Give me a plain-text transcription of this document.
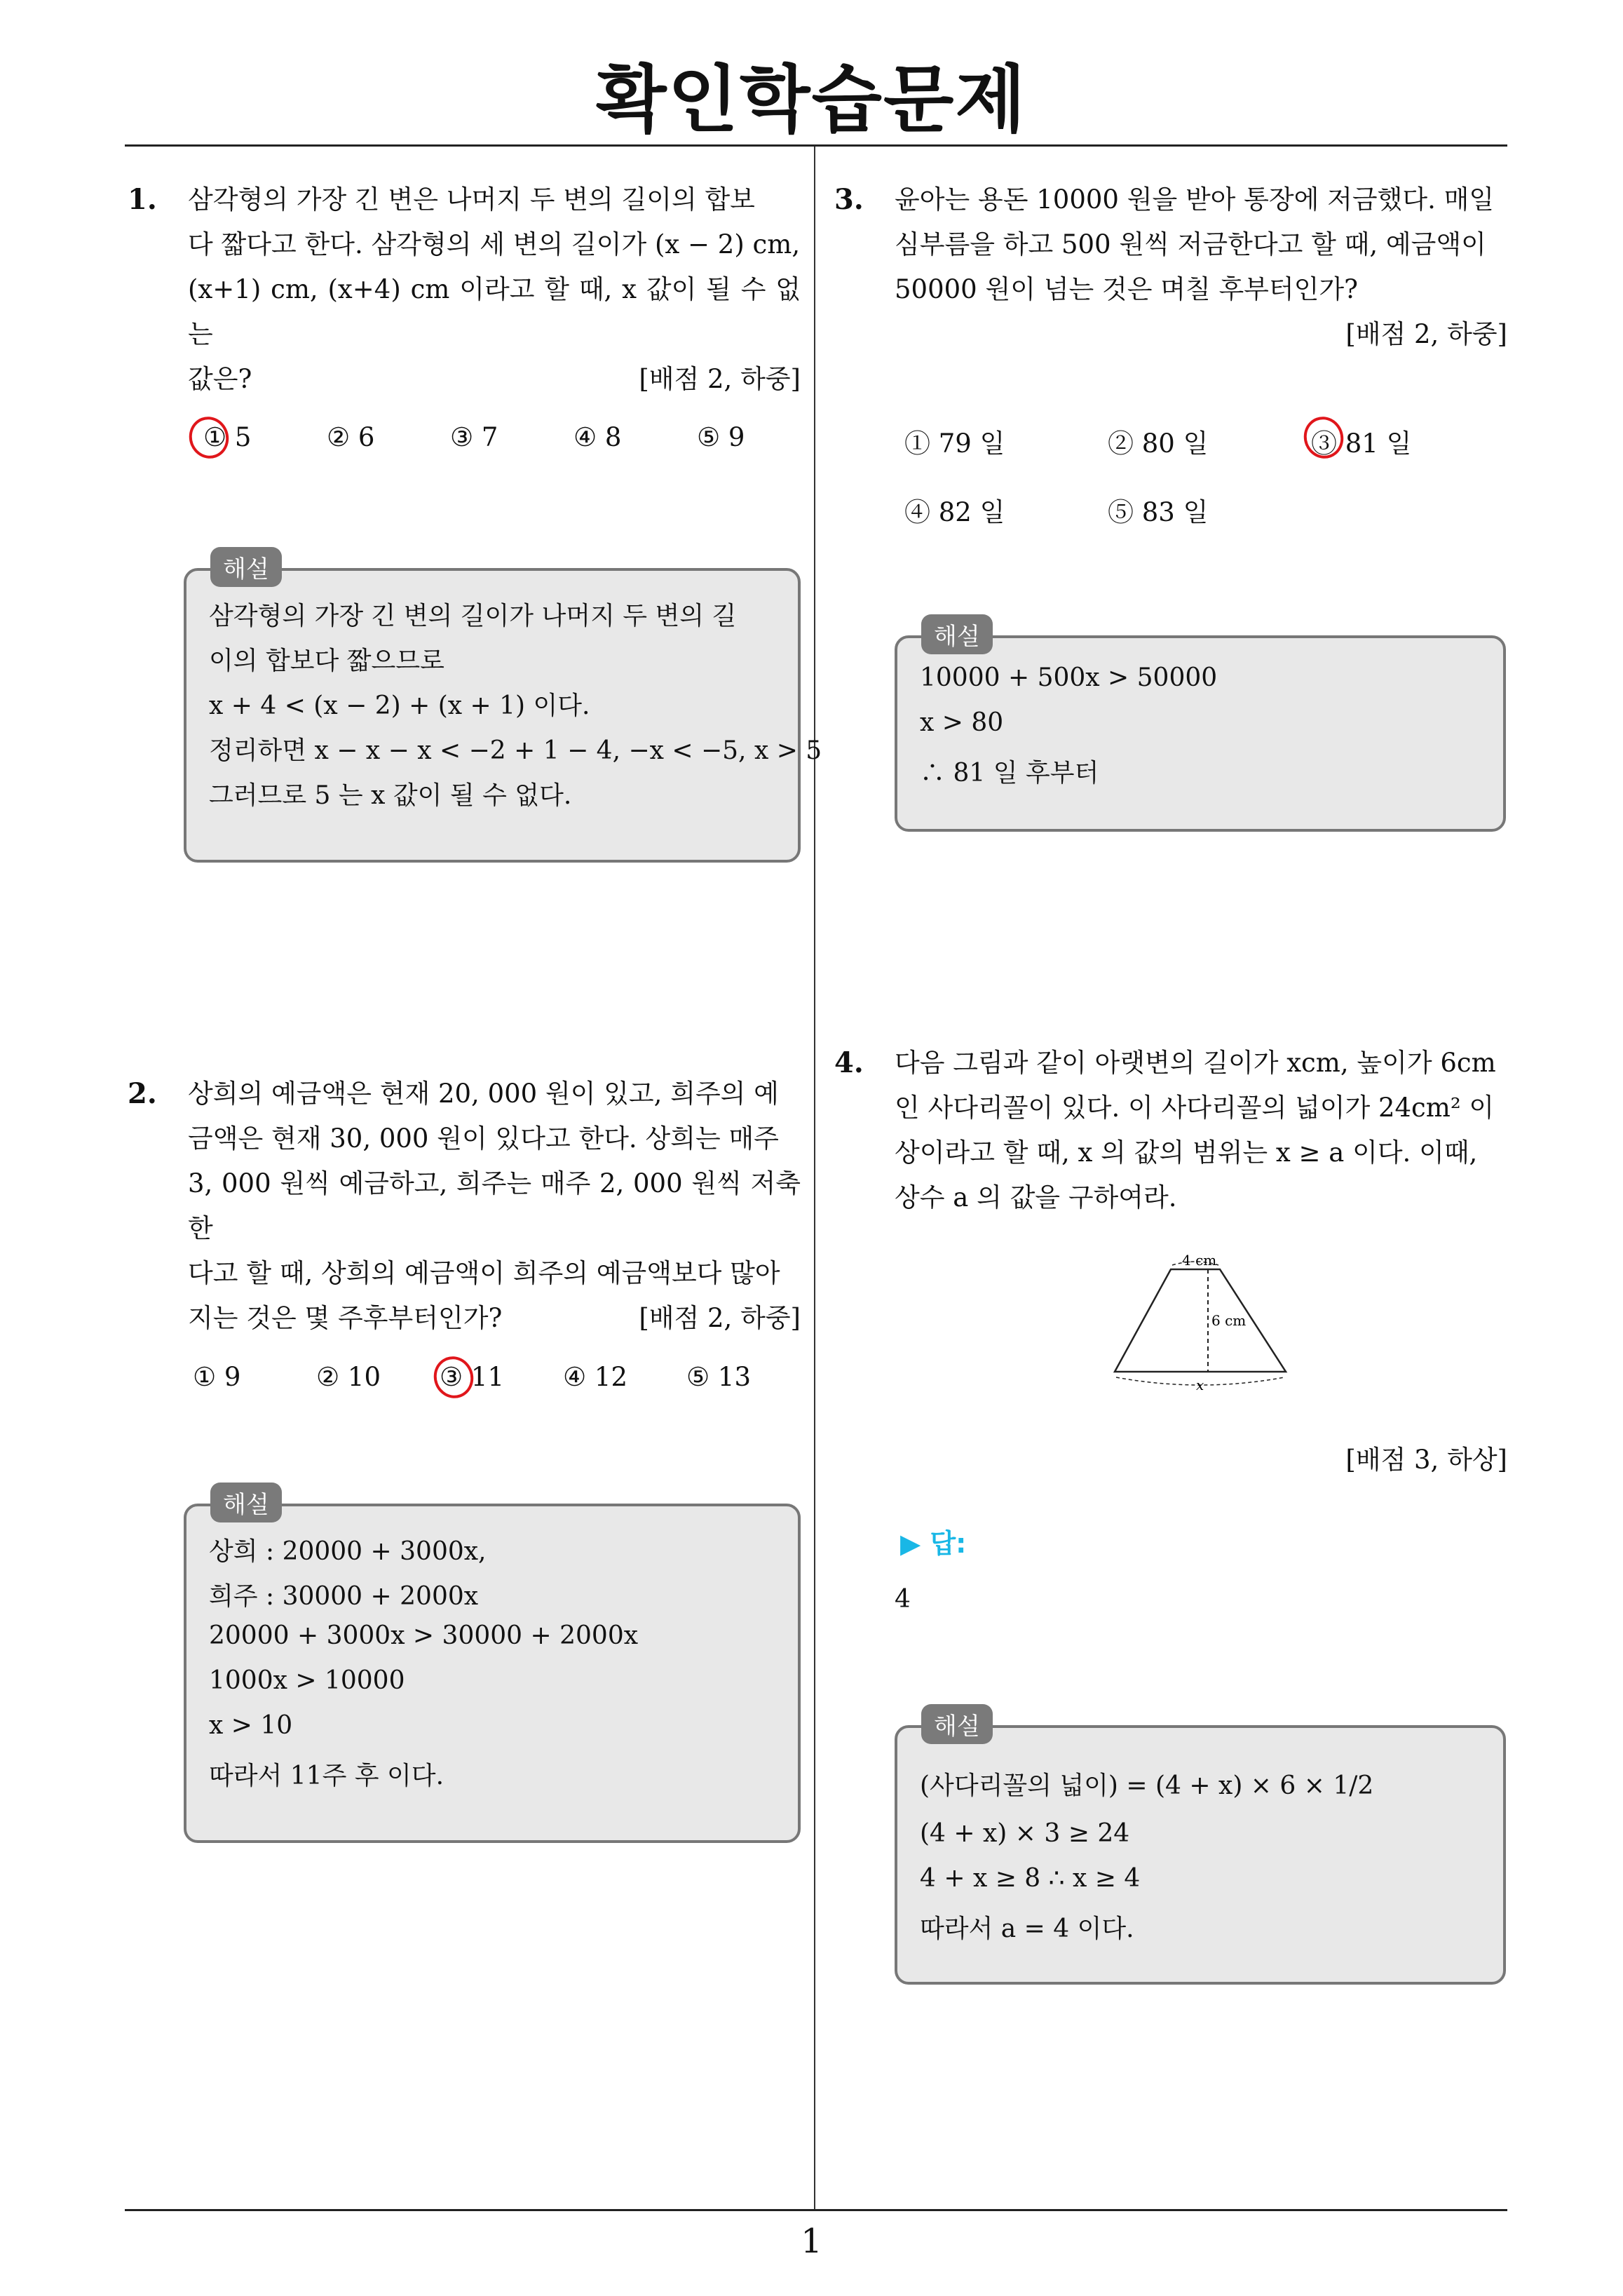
확인학습문제
1
1. 삼각형의 가장 긴 변은 나머지 두 변의 길이의 합보
다 짧다고 한다. 삼각형의 세 변의 길이가 (x − 2) cm,
(x+1) cm, (x+4) cm 이라고 할 때, x 값이 될 수 없는
값은?	[배점 2, 하중]
① 5	② 6	③ 7	④ 8	⑤ 9
해설
삼각형의 가장 긴 변의 길이가 나머지 두 변의 길
이의 합보다 짧으므로
x + 4 < (x − 2) + (x + 1) 이다.
정리하면 x − x − x < −2 + 1 − 4, −x < −5, x > 5
그러므로 5 는 x 값이 될 수 없다.
2. 상희의 예금액은 현재 20, 000 원이 있고, 희주의 예
금액은 현재 30, 000 원이 있다고 한다. 상희는 매주
3, 000 원씩 예금하고, 희주는 매주 2, 000 원씩 저축한
다고 할 때, 상희의 예금액이 희주의 예금액보다 많아
지는 것은 몇 주후부터인가?	[배점 2, 하중]
① 9	② 10 ③ 11 ④ 12 ⑤ 13
해설
상희 : 20000 + 3000x,
희주 : 30000 + 2000x
20000 + 3000x > 30000 + 2000x
1000x > 10000
x > 10
따라서 11주 후 이다.
3. 윤아는 용돈 10000 원을 받아 통장에 저금했다. 매일
심부름을 하고 500 원씩 저금한다고 할 때, 예금액이
50000 원이 넘는 것은 며칠 후부터인가?
[배점 2, 하중]
① 79 일	② 80 일	③ 81 일
④ 82 일	⑤ 83 일
해설
10000 + 500x > 50000
x > 80
∴ 81 일 후부터
4. 다음 그림과 같이 아랫변의 길이가 xcm, 높이가 6cm
인 사다리꼴이 있다. 이 사다리꼴의 넓이가 24cm² 이
상이라고 할 때, x 의 값의 범위는 x ≥ a 이다. 이때,
상수 a 의 값을 구하여라.
4 cm
6 cm
x
[배점 3, 하상]
▶ 답:
4
해설
(사다리꼴의 넓이) = (4 + x) × 6 × 1/2
(4 + x) × 3 ≥ 24
4 + x ≥ 8 ∴ x ≥ 4
따라서 a = 4 이다.
